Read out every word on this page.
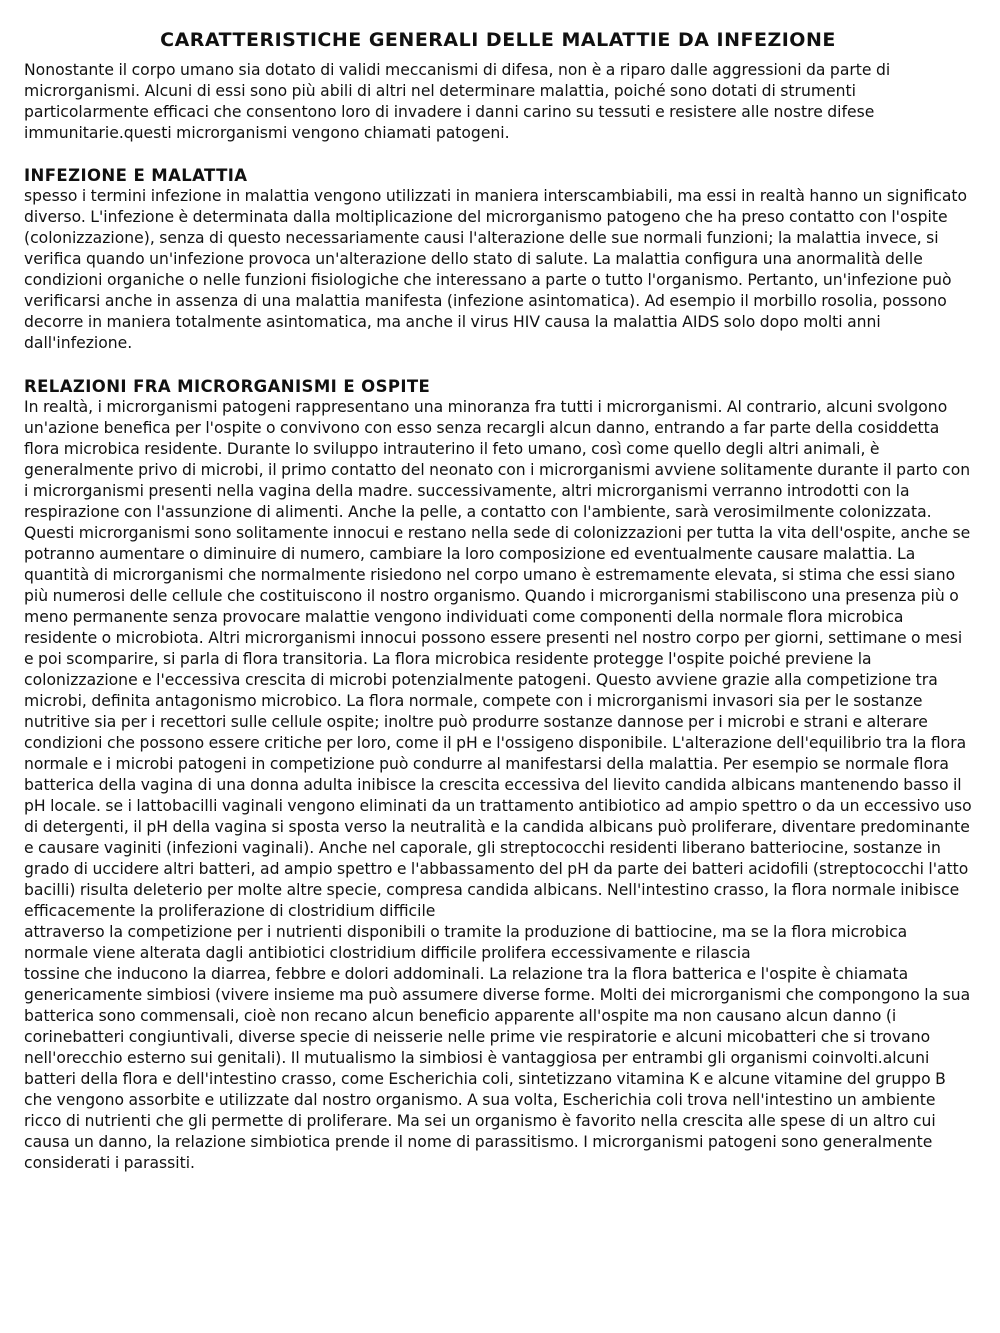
CARATTERISTICHE GENERALI DELLE MALATTIE DA INFEZIONE

Nonostante il corpo umano sia dotato di validi meccanismi di difesa, non è a riparo dalle aggressioni da parte di microrganismi. Alcuni di essi sono più abili di altri nel determinare malattia, poiché sono dotati di strumenti particolarmente efficaci che consentono loro di invadere i danni carino su tessuti e resistere alle nostre difese immunitarie.questi microrganismi vengono chiamati patogeni.

INFEZIONE E MALATTIA

spesso i termini infezione in malattia vengono utilizzati in maniera interscambiabili, ma essi in realtà hanno un significato diverso. L'infezione è determinata dalla moltiplicazione del microrganismo patogeno che ha preso contatto con l'ospite (colonizzazione), senza di questo necessariamente causi l'alterazione delle sue normali funzioni; la malattia invece, si verifica quando un'infezione provoca un'alterazione dello stato di salute. La malattia configura una anormalità delle condizioni organiche o nelle funzioni fisiologiche che interessano a parte o tutto l'organismo. Pertanto, un'infezione può verificarsi anche in assenza di una malattia manifesta (infezione asintomatica). Ad esempio il morbillo rosolia, possono decorre in maniera totalmente asintomatica, ma anche il virus HIV causa la malattia AIDS solo dopo molti anni dall'infezione.

RELAZIONI FRA MICRORGANISMI E OSPITE

In realtà, i microrganismi patogeni rappresentano una minoranza fra tutti i microrganismi. Al contrario, alcuni svolgono un'azione benefica per l'ospite o convivono con esso senza recargli alcun danno, entrando a far parte della cosiddetta flora microbica residente. Durante lo sviluppo intrauterino il feto umano, così come quello degli altri animali, è generalmente privo di microbi, il primo contatto del neonato con i microrganismi avviene solitamente durante il parto con i microrganismi presenti nella vagina della madre. successivamente, altri microrganismi verranno introdotti con la respirazione con l'assunzione di alimenti. Anche la pelle, a contatto con l'ambiente, sarà verosimilmente colonizzata. Questi microrganismi sono solitamente innocui e restano nella sede di colonizzazioni per tutta la vita dell'ospite, anche se potranno aumentare o diminuire di numero, cambiare la loro composizione ed eventualmente causare malattia. La quantità di microrganismi che normalmente risiedono nel corpo umano è estremamente elevata, si stima che essi siano più numerosi delle cellule che costituiscono il nostro organismo. Quando i microrganismi stabiliscono una presenza più o meno permanente senza provocare malattie vengono individuati come componenti della normale flora microbica residente o microbiota. Altri microrganismi innocui possono essere presenti nel nostro corpo per giorni, settimane o mesi e poi scomparire, si parla di flora transitoria. La flora microbica residente protegge l'ospite poiché previene la colonizzazione e l'eccessiva crescita di microbi potenzialmente patogeni. Questo avviene grazie alla competizione tra microbi, definita antagonismo microbico. La flora normale, compete con i microrganismi invasori sia per le sostanze nutritive sia per i recettori sulle cellule ospite; inoltre può produrre sostanze dannose per i microbi e strani e alterare condizioni che possono essere critiche per loro, come il pH e l'ossigeno disponibile. L'alterazione dell'equilibrio tra la flora normale e i microbi patogeni in competizione può condurre al manifestarsi della malattia. Per esempio se normale flora batterica della vagina di una donna adulta inibisce la crescita eccessiva del lievito candida albicans mantenendo basso il pH locale. se i lattobacilli vaginali vengono eliminati da un trattamento antibiotico ad ampio spettro o da un eccessivo uso di detergenti, il pH della vagina si sposta verso la neutralità e la candida albicans può proliferare, diventare predominante e causare vaginiti (infezioni vaginali). Anche nel caporale, gli streptococchi residenti liberano batteriocine, sostanze in grado di uccidere altri batteri, ad ampio spettro e l'abbassamento del pH da parte dei batteri acidofili (streptococchi l'atto bacilli) risulta deleterio per molte altre specie, compresa candida albicans. Nell'intestino crasso, la flora normale inibisce efficacemente la proliferazione di clostridium difficile

attraverso la competizione per i nutrienti disponibili o tramite la produzione di battiocine, ma se la flora microbica normale viene alterata dagli antibiotici clostridium difficile prolifera eccessivamente e rilascia

tossine che inducono la diarrea, febbre e dolori addominali. La relazione tra la flora batterica e l'ospite è chiamata genericamente simbiosi (vivere insieme ma può assumere diverse forme. Molti dei microrganismi che compongono la sua batterica sono commensali, cioè non recano alcun beneficio apparente all'ospite ma non causano alcun danno (i corinebatteri congiuntivali, diverse specie di neisserie nelle prime vie respiratorie e alcuni micobatteri che si trovano nell'orecchio esterno sui genitali). Il mutualismo la simbiosi è vantaggiosa per entrambi gli organismi coinvolti.alcuni batteri della flora e dell'intestino crasso, come Escherichia coli, sintetizzano vitamina K e alcune vitamine del gruppo B che vengono assorbite e utilizzate dal nostro organismo. A sua volta, Escherichia coli trova nell'intestino un ambiente ricco di nutrienti che gli permette di proliferare. Ma sei un organismo è favorito nella crescita alle spese di un altro cui causa un danno, la relazione simbiotica prende il nome di parassitismo. I microrganismi patogeni sono generalmente considerati i parassiti.
